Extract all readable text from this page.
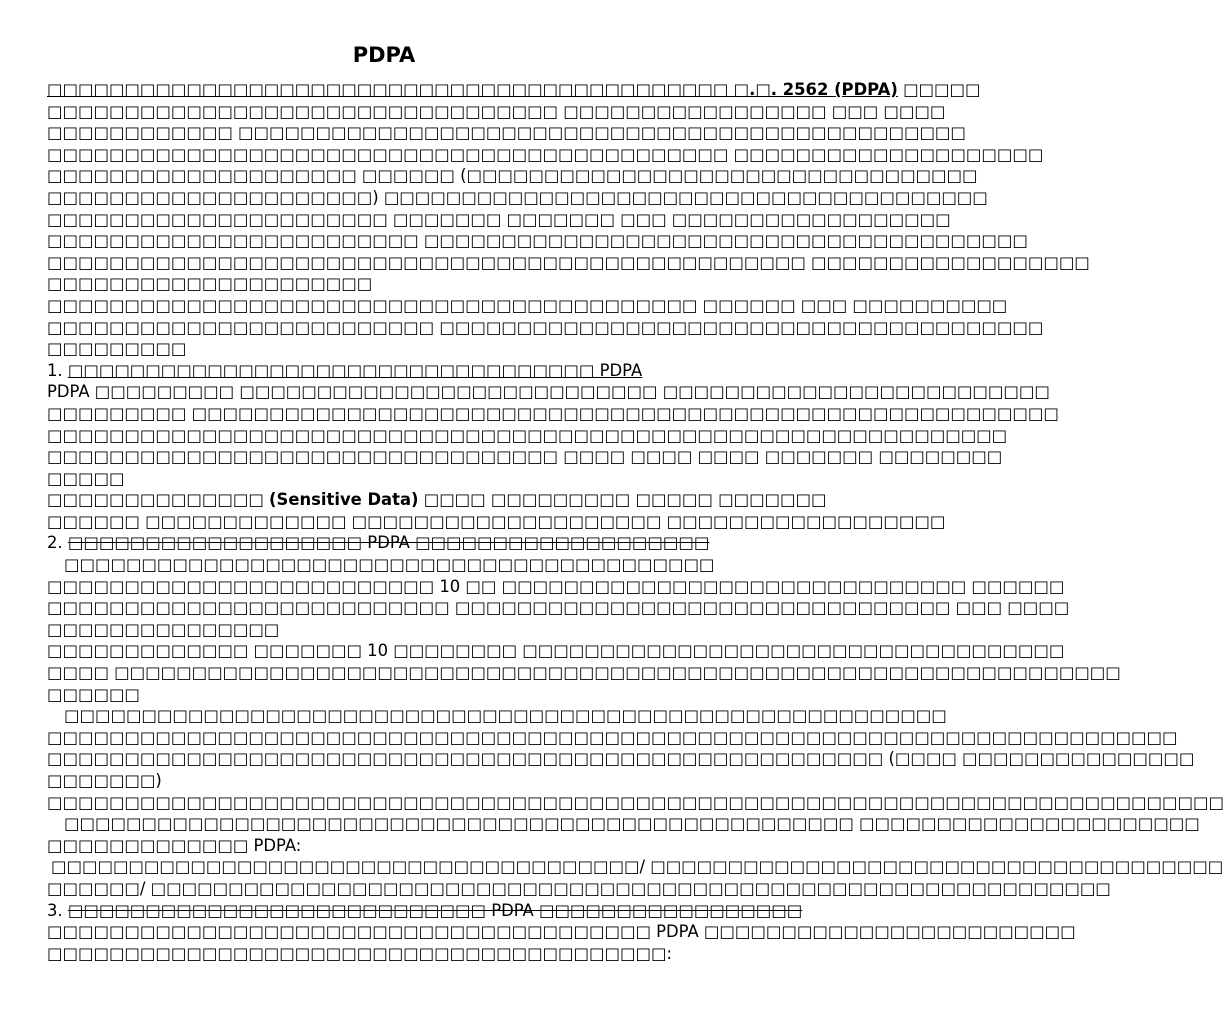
PDPA
□□□□□□□□□□□□□□□□□□□□□□□□□□□□□□□□□□□□□□□□□□□□ □.□. 2562 (PDPA) □□□□□
□□□□□□□□□□□□□□□□□□□□□□□□□□□□□□□□□ □□□□□□□□□□□□□□□□□ □□□ □□□□
□□□□□□□□□□□□ □□□□□□□□□□□□□□□□□□□□□□□□□□□□□□□□□□□□□□□□□□□□□□□
□□□□□□□□□□□□□□□□□□□□□□□□□□□□□□□□□□□□□□□□□□□□ □□□□□□□□□□□□□□□□□□□□
□□□□□□□□□□□□□□□□□□□□ □□□□□□ (□□□□□□□□□□□□□□□□□□□□□□□□□□□□□□□□□
□□□□□□□□□□□□□□□□□□□□□) □□□□□□□□□□□□□□□□□□□□□□□□□□□□□□□□□□□□□□□
□□□□□□□□□□□□□□□□□□□□□□ □□□□□□□ □□□□□□□ □□□ □□□□□□□□□□□□□□□□□□
□□□□□□□□□□□□□□□□□□□□□□□□ □□□□□□□□□□□□□□□□□□□□□□□□□□□□□□□□□□□□□□□
□□□□□□□□□□□□□□□□□□□□□□□□□□□□□□□□□□□□□□□□□□□□□□□□□ □□□□□□□□□□□□□□□□□□
□□□□□□□□□□□□□□□□□□□□□
□□□□□□□□□□□□□□□□□□□□□□□□□□□□□□□□□□□□□□□□□□ □□□□□□ □□□ □□□□□□□□□□
□□□□□□□□□□□□□□□□□□□□□□□□□ □□□□□□□□□□□□□□□□□□□□□□□□□□□□□□□□□□□□□□□
□□□□□□□□□
1. □□□□□□□□□□□□□□□□□□□□□□□□□□□□□□□□□□ PDPA
PDPA □□□□□□□□□ □□□□□□□□□□□□□□□□□□□□□□□□□□□ □□□□□□□□□□□□□□□□□□□□□□□□□
□□□□□□□□□ □□□□□□□□□□□□□□□□□□□□□□□□□□□□□□□□□□□□□□□□□□□□□□□□□□□□□□□□
□□□□□□□□□□□□□□□□□□□□□□□□□□□□□□□□□□□□□□□□□□□□□□□□□□□□□□□□□□□□□□
□□□□□□□□□□□□□□□□□□□□□□□□□□□□□□□□□ □□□□ □□□□ □□□□ □□□□□□□ □□□□□□□□
□□□□□
□□□□□□□□□□□□□□ (Sensitive Data) □□□□ □□□□□□□□□ □□□□□ □□□□□□□
□□□□□□ □□□□□□□□□□□□□ □□□□□□□□□□□□□□□□□□□□ □□□□□□□□□□□□□□□□□□
2. □□□□□□□□□□□□□□□□□□□ PDPA □□□□□□□□□□□□□□□□□□□
□□□□□□□□□□□□□□□□□□□□□□□□□□□□□□□□□□□□□□□□□□
□□□□□□□□□□□□□□□□□□□□□□□□□ 10 □□ □□□□□□□□□□□□□□□□□□□□□□□□□□□□□□ □□□□□□
□□□□□□□□□□□□□□□□□□□□□□□□□□ □□□□□□□□□□□□□□□□□□□□□□□□□□□□□□□□ □□□ □□□□
□□□□□□□□□□□□□□□
□□□□□□□□□□□□□ □□□□□□□ 10 □□□□□□□□ □□□□□□□□□□□□□□□□□□□□□□□□□□□□□□□□□□□
□□□□ □□□□□□□□□□□□□□□□□□□□□□□□□□□□□□□□□□□□□□□□□□□□□□□□□□□□□□□□□□□□□□□□□
□□□□□□
□□□□□□□□□□□□□□□□□□□□□□□□□□□□□□□□□□□□□□□□□□□□□□□□□□□□□□□□□
□□□□□□□□□□□□□□□□□□□□□□□□□□□□□□□□□□□□□□□□□□□□□□□□□□□□□□□□□□□□□□□□□□□□□□□□□
□□□□□□□□□□□□□□□□□□□□□□□□□□□□□□□□□□□□□□□□□□□□□□□□□□□□□□ (□□□□ □□□□□□□□□□□□□□□
□□□□□□□)
□□□□□□□□□□□□□□□□□□□□□□□□□□□□□□□□□□□□□□□□□□□□□□□□□□□□□□□□□□□□□□□□□□□□□□□□□□□□
□□□□□□□□□□□□□□□□□□□□□□□□□□□□□□□□□□□□□□□□□□□□□□□□□□□ □□□□□□□□□□□□□□□□□□□□□□
□□□□□□□□□□□□□ PDPA:
□□□□□□□□□□□□□□□□□□□□□□□□□□□□□□□□□□□□□□/ □□□□□□□□□□□□□□□□□□□□□□□□□□□□□□□□□□□□□
□□□□□□/ □□□□□□□□□□□□□□□□□□□□□□□□□□□□□□□□□□□□□□□□□□□□□□□□□□□□□□□□□□□□□□
3. □□□□□□□□□□□□□□□□□□□□□□□□□□□ PDPA □□□□□□□□□□□□□□□□□
□□□□□□□□□□□□□□□□□□□□□□□□□□□□□□□□□□□□□□□ PDPA □□□□□□□□□□□□□□□□□□□□□□□□
□□□□□□□□□□□□□□□□□□□□□□□□□□□□□□□□□□□□□□□□:
